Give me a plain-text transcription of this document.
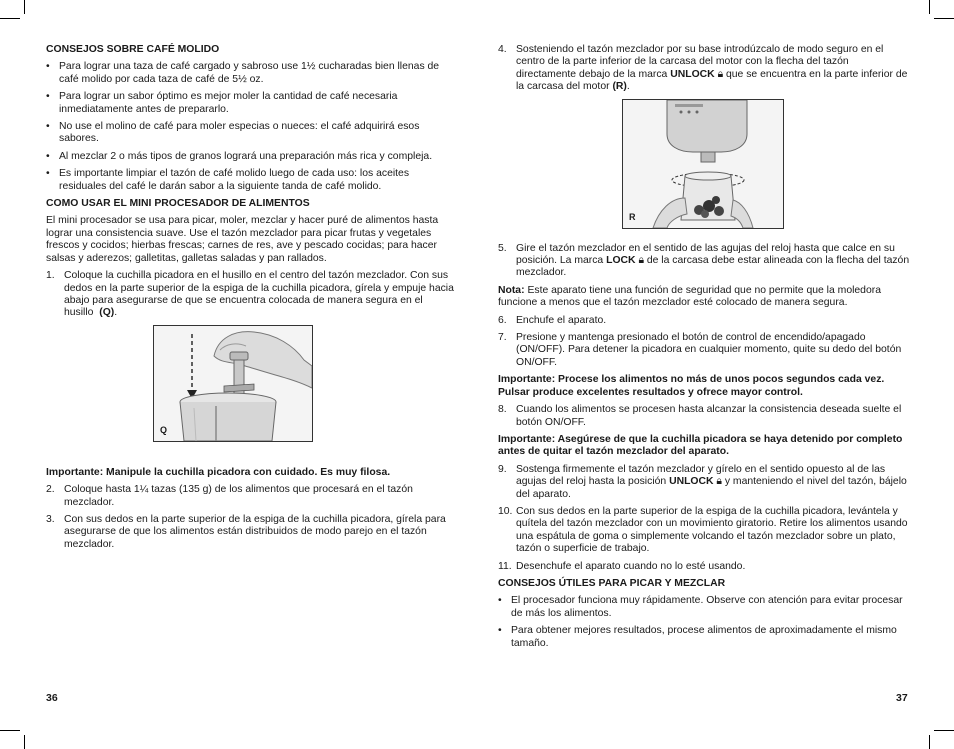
CONSEJOS SOBRE CAFÉ MOLIDO
• Para lograr una taza de café cargado y sabroso use 1½ cucharadas bien llenas de café molido por cada taza de café de 5½ oz.
• Para lograr un sabor óptimo es mejor moler la cantidad de café necesaria inmediatamente antes de prepararlo.
• No use el molino de café para moler especias o nueces: el café adquirirá esos sabores.
• Al mezclar 2 o más tipos de granos logrará una preparación más rica y compleja.
• Es importante limpiar el tazón de café molido luego de cada uso: los aceites residuales del café le darán sabor a la siguiente tanda de café molido.
COMO USAR EL MINI PROCESADOR DE ALIMENTOS

El mini procesador se usa para picar, moler, mezclar y hacer puré de alimentos hasta lograr una consistencia suave. Use el tazón mezclador para picar frutas y vegetales frescos y cocidos; hierbas frescas; carnes de res, ave y pescado cocidas; para hacer salsas y aderezos; galletitas, galletas saladas y pan rallados.

1. Coloque la cuchilla picadora en el husillo en el centro del tazón mezclador. Con sus dedos en la parte superior de la espiga de la cuchilla picadora, gírela y empuje hacia abajo para asegurarse de que se encuentra colocada de manera segura en el husillo (Q).
Q

Importante: Manipule la cuchilla picadora con cuidado. Es muy filosa.

2. Coloque hasta 1¼ tazas (135 g) de los alimentos que procesará en el tazón mezclador.
3. Con sus dedos en la parte superior de la espiga de la cuchilla picadora, gírela para asegurarse de que los alimentos están distribuidos de modo parejo en el tazón mezclador.
36
4. Sosteniendo el tazón mezclador por su base introdúzcalo de modo seguro en el centro de la parte inferior de la carcasa del motor con la flecha del tazón directamente debajo de la marca UNLOCK 🔒︎ que se encuentra en la parte inferior de la carcasa del motor (R).
R
5. Gire el tazón mezclador en el sentido de las agujas del reloj hasta que calce en su posición. La marca LOCK 🔒︎ de la carcasa debe estar alineada con la flecha del tazón mezclador.

Nota: Este aparato tiene una función de seguridad que no permite que la moledora funcione a menos que el tazón mezclador esté colocado de manera segura.

6. Enchufe el aparato.
7. Presione y mantenga presionado el botón de control de encendido/apagado (ON/OFF). Para detener la picadora en cualquier momento, quite su dedo del botón ON/OFF.

Importante: Procese los alimentos no más de unos pocos segundos cada vez. Pulsar produce excelentes resultados y ofrece mayor control.

8. Cuando los alimentos se procesen hasta alcanzar la consistencia deseada suelte el botón ON/OFF.

Importante: Asegúrese de que la cuchilla picadora se haya detenido por completo antes de quitar el tazón mezclador del aparato.

9. Sostenga firmemente el tazón mezclador y gírelo en el sentido opuesto al de las agujas del reloj hasta la posición UNLOCK 🔒︎ y manteniendo el nivel del tazón, bájelo del aparato.
10. Con sus dedos en la parte superior de la espiga de la cuchilla picadora, levántela y quítela del tazón mezclador con un movimiento giratorio. Retire los alimentos usando una espátula de goma o simplemente volcando el tazón mezclador sobre un plato, tazón o superficie de trabajo.
11. Desenchufe el aparato cuando no lo esté usando.
CONSEJOS ÚTILES PARA PICAR Y MEZCLAR
• El procesador funciona muy rápidamente. Observe con atención para evitar procesar de más los alimentos.
• Para obtener mejores resultados, procese alimentos de aproximadamente el mismo tamaño.
37
